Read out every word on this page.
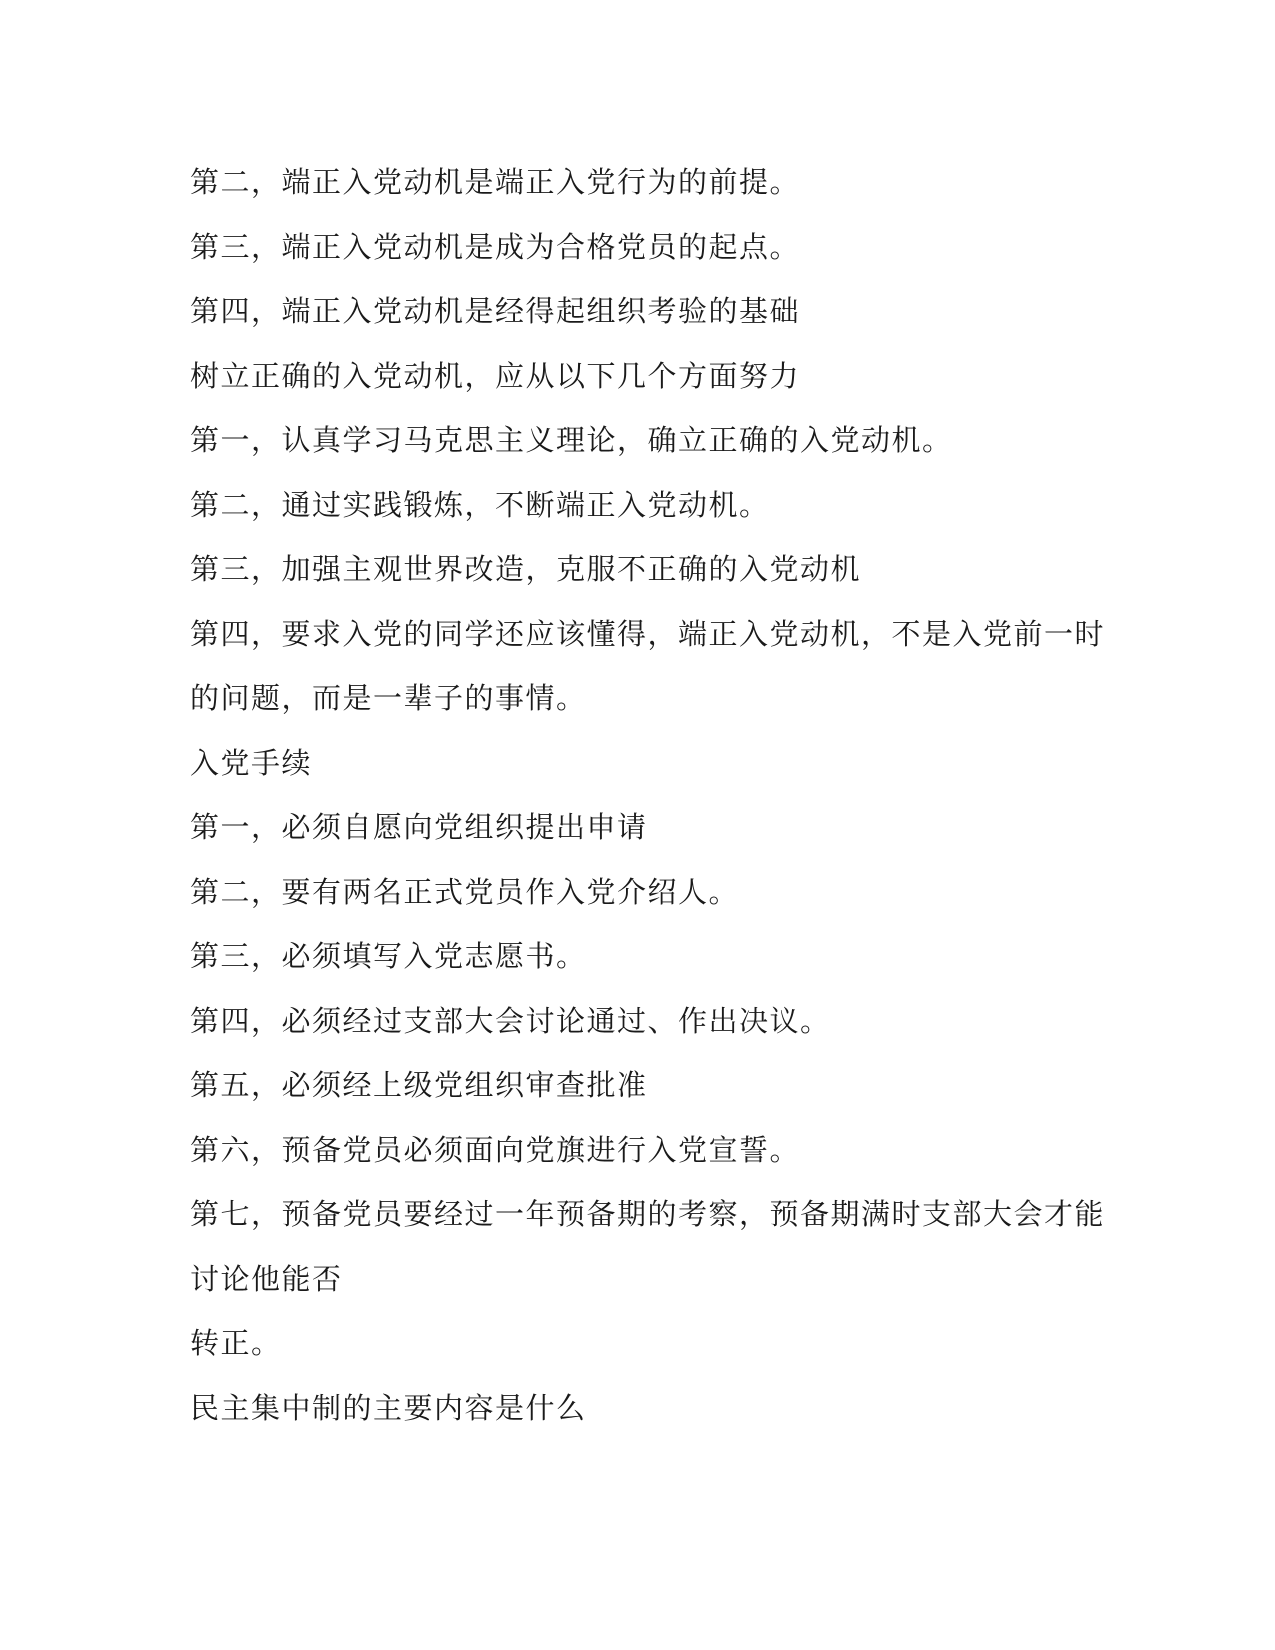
第二，端正入党动机是端正入党行为的前提。
第三，端正入党动机是成为合格党员的起点。
第四，端正入党动机是经得起组织考验的基础
树立正确的入党动机，应从以下几个方面努力
第一，认真学习马克思主义理论，确立正确的入党动机。
第二，通过实践锻炼，不断端正入党动机。
第三，加强主观世界改造，克服不正确的入党动机
第四，要求入党的同学还应该懂得，端正入党动机，不是入党前一时
的问题，而是一辈子的事情。
入党手续
第一，必须自愿向党组织提出申请
第二，要有两名正式党员作入党介绍人。
第三，必须填写入党志愿书。
第四，必须经过支部大会讨论通过、作出决议。
第五，必须经上级党组织审查批准
第六，预备党员必须面向党旗进行入党宣誓。
第七，预备党员要经过一年预备期的考察，预备期满时支部大会才能
讨论他能否
转正。
民主集中制的主要内容是什么
